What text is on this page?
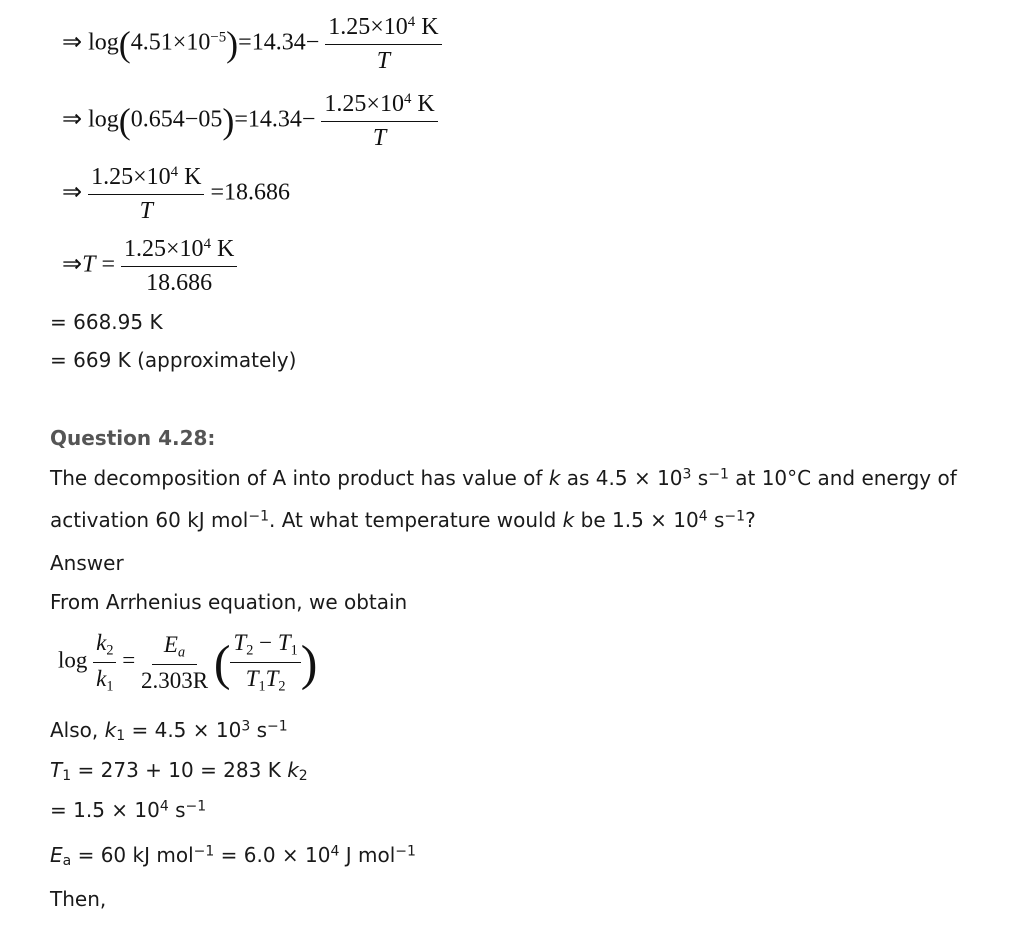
⇒ $\log(4.51\times 10^{-5})=14.34- \frac{1.25\times 10^4 K}{T}$
⇒ $\log(0.654-05)=14.34- \frac{1.25\times 10^4 K}{T}$
⇒ $\frac{1.25\times 10^4 K}{T} =18.686$
⇒T = $\frac{1.25\times 10^4 K}{18.686}$
= 668.95 K
= 669 K (approximately)
Question 4.28:
The decomposition of A into product has value of k as $4.5 \times 10^3$ $s^{-1}$ at 10°C and energy of
activation 60 kJ mol$^{-1}$. At what temperature would k be $1.5 \times 10^4$ $s^{-1}$?
Answer
From Arrhenius equation, we obtain
$\log \frac{k2}{k1} = \frac{Ea}{2.303R}$ ( $\frac{T2 - T1}{T1T2}$ )
Also, $k_1 = 4.5 \times 10^3$ $s^{-1}$
$T_1 = 273 + 10 = 283$ K $k_2$
= $1.5 \times 10^4$ $s^{-1}$
$E_a = 60$ kJ $mol^{-1} = 6.0 \times 10^4$ J mol$^{-1}$
Then,
